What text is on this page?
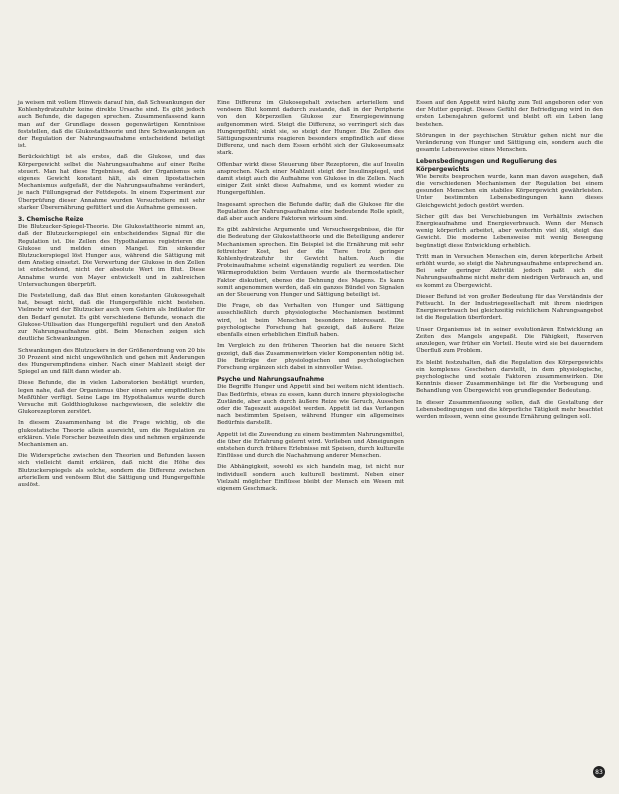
ja weisen mit vollem Hinweis darauf hin, daß Schwankungen der Kohlenhydratzufuhr keine direkte Ursache sind. Es gibt jedoch auch Befunde, die dagegen sprechen. Zusammenfassend kann man auf der Grundlage dessen gegenwärtigen Kenntnisse feststellen, daß die Glukostattheorie und ihre Schwankungen an der Regulation der Nahrungsaufnahme entscheidend beteiligt ist.

Berücksichtigt ist als erstes, daß die Glukose, und das Körpergewicht selbst die Nahrungsaufnahme auf einer Reihe steuert. Man hat diese Ergebnisse, daß der Organismus sein eigenes Gewicht konstant hält, als einen lipostatischen Mechanismus aufgefaßt, der die Nahrungsaufnahme verändert, je nach Füllungsgrad der Fettdepots. In einem Experiment zur Überprüfung dieser Annahme wurden Versuchstiere mit sehr starker Überernährung gefüttert und die Aufnahme gemessen.

3. Chemische Reize

Die Blutzucker-Spiegel-Theorie. Die Glukostattheorie nimmt an, daß der Blutzuckerspiegel ein entscheidendes Signal für die Regulation ist. Die Zellen des Hypothalamus registrieren die Glukose und melden einen Mangel. Ein sinkender Blutzuckerspiegel löst Hunger aus, während die Sättigung mit dem Anstieg einsetzt. Die Verwertung der Glukose in den Zellen ist entscheidend, nicht der absolute Wert im Blut. Diese Annahme wurde von Mayer entwickelt und in zahlreichen Untersuchungen überprüft.

Die Feststellung, daß das Blut einen konstanten Glukosegehalt hat, besagt nicht, daß die Hungergefühle nicht bestehen. Vielmehr wird der Blutzucker auch vom Gehirn als Indikator für den Bedarf genutzt. Es gibt verschiedene Befunde, wonach die Glukose-Utilisation das Hungergefühl reguliert und den Anstoß zur Nahrungsaufnahme gibt. Beim Menschen zeigen sich deutliche Schwankungen.

Schwankungen des Blutzuckers in der Größenordnung von 20 bis 30 Prozent sind nicht ungewöhnlich und gehen mit Änderungen des Hungerempfindens einher. Nach einer Mahlzeit steigt der Spiegel an und fällt dann wieder ab.

Diese Befunde, die in vielen Laboratorien bestätigt wurden, legen nahe, daß der Organismus über einen sehr empfindlichen Meßfühler verfügt. Seine Lage im Hypothalamus wurde durch Versuche mit Goldthioglukose nachgewiesen, die selektiv die Glukorezeptoren zerstört.

In diesem Zusammenhang ist die Frage wichtig, ob die glukostatische Theorie allein ausreicht, um die Regulation zu erklären. Viele Forscher bezweifeln dies und nehmen ergänzende Mechanismen an.

Die Widersprüche zwischen den Theorien und Befunden lassen sich vielleicht damit erklären, daß nicht die Höhe des Blutzuckerspiegels als solche, sondern die Differenz zwischen arteriellem und venösem Blut die Sättigung und Hungergefühle auslöst.

Eine Differenz im Glukosegehalt zwischen arteriellem und venösem Blut kommt dadurch zustande, daß in der Peripherie von den Körperzellen Glukose zur Energiegewinnung aufgenommen wird. Steigt die Differenz, so verringert sich das Hungergefühl; sinkt sie, so steigt der Hunger. Die Zellen des Sättigungszentrums reagieren besonders empfindlich auf diese Differenz, und nach dem Essen erhöht sich der Glukoseumsatz stark.

Offenbar wirkt diese Steuerung über Rezeptoren, die auf Insulin ansprechen. Nach einer Mahlzeit steigt der Insulinspiegel, und damit steigt auch die Aufnahme von Glukose in die Zellen. Nach einiger Zeit sinkt diese Aufnahme, und es kommt wieder zu Hungergefühlen.

Insgesamt sprechen die Befunde dafür, daß die Glukose für die Regulation der Nahrungsaufnahme eine bedeutende Rolle spielt, daß aber auch andere Faktoren wirksam sind.

Es gibt zahlreiche Argumente und Versuchsergebnisse, die für die Bedeutung der Glukostattheorie und die Beteiligung anderer Mechanismen sprechen. Ein Beispiel ist die Ernährung mit sehr fettreicher Kost, bei der die Tiere trotz geringer Kohlenhydratzufuhr ihr Gewicht halten. Auch die Proteinaufnahme scheint eigenständig reguliert zu werden. Die Wärmeproduktion beim Verdauen wurde als thermostatischer Faktor diskutiert, ebenso die Dehnung des Magens. Es kann somit angenommen werden, daß ein ganzes Bündel von Signalen an der Steuerung von Hunger und Sättigung beteiligt ist.

Die Frage, ob das Verhalten von Hunger und Sättigung ausschließlich durch physiologische Mechanismen bestimmt wird, ist beim Menschen besonders interessant. Die psychologische Forschung hat gezeigt, daß äußere Reize ebenfalls einen erheblichen Einfluß haben.

Im Vergleich zu den früheren Theorien hat die neuere Sicht gezeigt, daß das Zusammenwirken vieler Komponenten nötig ist. Die Beiträge der physiologischen und psychologischen Forschung ergänzen sich dabei in sinnvoller Weise.

Psyche und Nahrungsaufnahme

Die Begriffe Hunger und Appetit sind bei weitem nicht identisch. Das Bedürfnis, etwas zu essen, kann durch innere physiologische Zustände, aber auch durch äußere Reize wie Geruch, Aussehen oder die Tageszeit ausgelöst werden. Appetit ist das Verlangen nach bestimmten Speisen, während Hunger ein allgemeines Bedürfnis darstellt.

Appetit ist die Zuwendung zu einem bestimmten Nahrungsmittel, die über die Erfahrung gelernt wird. Vorlieben und Abneigungen entstehen durch frühere Erlebnisse mit Speisen, durch kulturelle Einflüsse und durch die Nachahmung anderer Menschen.

Die Abhängigkeit, sowohl es sich handeln mag, ist nicht nur individuell sondern auch kulturell bestimmt. Neben einer Vielzahl möglicher Einflüsse bleibt der Mensch ein Wesen mit eigenem Geschmack.

Essen auf den Appetit wird häufig zum Teil angeboren oder von der Mutter geprägt. Dieses Gefühl der Befriedigung wird in den ersten Lebensjahren geformt und bleibt oft ein Leben lang bestehen.

Störungen in der psychischen Struktur gehen nicht nur die Veränderung von Hunger und Sättigung ein, sondern auch die gesamte Lebensweise eines Menschen.

Lebensbedingungen und Regulierung des Körpergewichts

Wie bereits besprochen wurde, kann man davon ausgehen, daß die verschiedenen Mechanismen der Regulation bei einem gesunden Menschen ein stabiles Körpergewicht gewährleisten. Unter bestimmten Lebensbedingungen kann dieses Gleichgewicht jedoch gestört werden.

Sicher gilt das bei Verschiebungen im Verhältnis zwischen Energieaufnahme und Energieverbrauch. Wenn der Mensch wenig körperlich arbeitet, aber weiterhin viel ißt, steigt das Gewicht. Die moderne Lebensweise mit wenig Bewegung begünstigt diese Entwicklung erheblich.

Tritt man in Versuchen Menschen ein, deren körperliche Arbeit erhöht wurde, so steigt die Nahrungsaufnahme entsprechend an. Bei sehr geringer Aktivität jedoch paßt sich die Nahrungsaufnahme nicht mehr dem niedrigen Verbrauch an, und es kommt zu Übergewicht.

Dieser Befund ist von großer Bedeutung für das Verständnis der Fettsucht. In der Industriegesellschaft mit ihrem niedrigen Energieverbrauch bei gleichzeitig reichlichem Nahrungsangebot ist die Regulation überfordert.

Unser Organismus ist in seiner evolutionären Entwicklung an Zeiten des Mangels angepaßt. Die Fähigkeit, Reserven anzulegen, war früher ein Vorteil. Heute wird sie bei dauerndem Überfluß zum Problem.

Es bleibt festzuhalten, daß die Regulation des Körpergewichts ein komplexes Geschehen darstellt, in dem physiologische, psychologische und soziale Faktoren zusammenwirken. Die Kenntnis dieser Zusammenhänge ist für die Vorbeugung und Behandlung von Übergewicht von grundlegender Bedeutung.

In dieser Zusammenfassung sollen, daß die Gestaltung der Lebensbedingungen und die körperliche Tätigkeit mehr beachtet werden müssen, wenn eine gesunde Ernährung gelingen soll.

83
